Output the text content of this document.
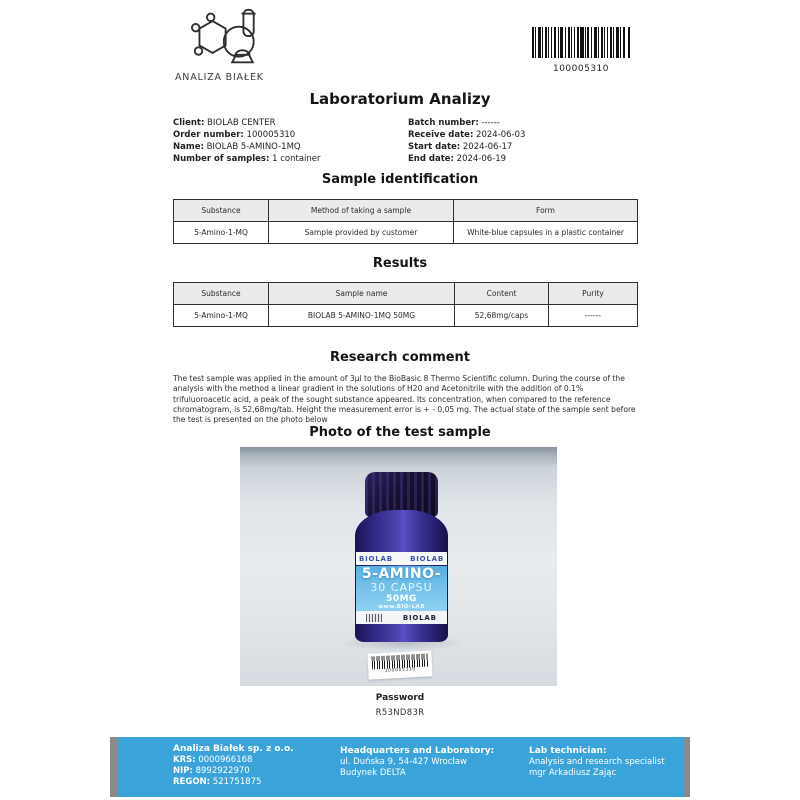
ANALIZA BIAŁEK
100005310
Laboratorium Analizy
Client: BIOLAB CENTER
Order number: 100005310
Name: BIOLAB 5-AMINO-1MQ
Number of samples: 1 container
Batch number: ------
Receive date: 2024-06-03
Start date: 2024-06-17
End date: 2024-06-19
Sample identification
Substance	Method of taking a sample	Form
5-Amino-1-MQ	Sample provided by customer	White-blue capsules in a plastic container
Results
Substance	Sample name	Content	Purity
5-Amino-1-MQ	BIOLAB 5-AMINO-1MQ 50MG	52,68mg/caps	------
Research comment
The test sample was applied in the amount of 3µl to the BioBasic 8 Thermo Scientific column. During the course of the analysis with the method a linear gradient in the solutions of H20 and Acetonitrile with the addition of 0.1% trifuluoroacetic acid, a peak of the sought substance appeared. Its concentration, when compared to the reference chromatogram, is 52,68mg/tab. Height the measurement error is + - 0,05 mg. The actual state of the sample sent before the test is presented on the photo below
Photo of the test sample
BIOLAB BIOLAB
5-AMINO-
30 CAPSU
50MG
www.BIO-LAB
BIOLAB
100005310
Password
R53ND83R
Analiza Białek sp. z o.o.
KRS: 0000966168
NIP: 8992922970
REGON: 521751875
Headquarters and Laboratory:
ul. Duńska 9, 54-427 Wrocław
Budynek DELTA
Lab technician:
Analysis and research specialist
mgr Arkadiusz Zając
